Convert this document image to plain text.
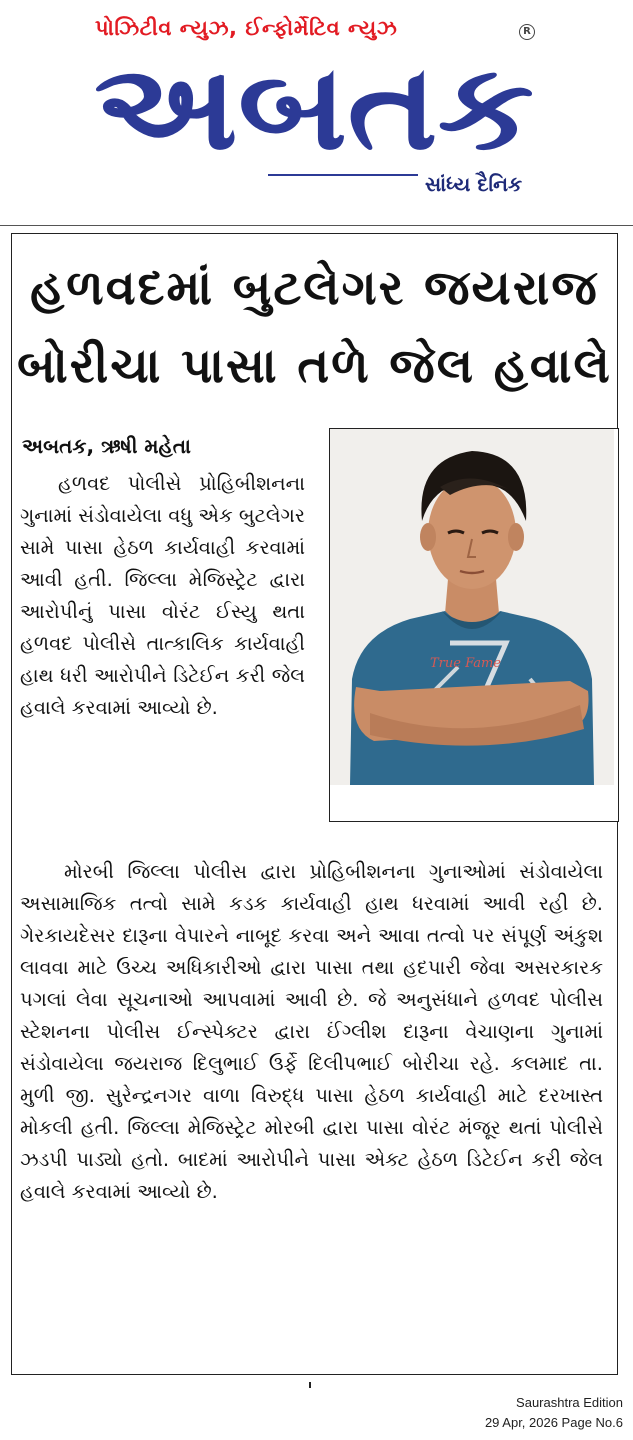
પોઝિટીવ ન્યુઝ, ઈન્ફોર્મેટિવ ન્યુઝ	R
અબતક
સાંધ્ય દૈનિક
હળવદમાં બુટલેગર જયરાજ
બોરીચા પાસા તળે જેલ હવાલે
અબતક, ઋષી મહેતા
હળવદ પોલીસે પ્રોહિબીશનના ગુનામાં સંડોવાયેલા વધુ એક બુટલેગર સામે પાસા હેઠળ કાર્યવાહી કરવામાં આવી હતી. જિલ્લા મેજિસ્ટ્રેટ દ્વારા આરોપીનું પાસા વોરંટ ઈસ્યુ થતા હળવદ પોલીસે તાત્કાલિક કાર્યવાહી હાથ ધરી આરોપીને ડિટેઈન કરી જેલ હવાલે કરવામાં આવ્યો છે.
True Fame
મોરબી જિલ્લા પોલીસ દ્વારા પ્રોહિબીશનના ગુનાઓમાં સંડોવાયેલા અસામાજિક તત્વો સામે કડક કાર્યવાહી હાથ ધરવામાં આવી રહી છે. ગેરકાયદેસર દારૂના વેપારને નાબૂદ કરવા અને આવા તત્વો પર સંપૂર્ણ અંકુશ લાવવા માટે ઉચ્ચ અધિકારીઓ દ્વારા પાસા તથા હદપારી જેવા અસરકારક પગલાં લેવા સૂચનાઓ આપવામાં આવી છે. જે અનુસંધાને હળવદ પોલીસ સ્ટેશનના પોલીસ ઈન્સ્પેક્ટર દ્વારા ઈંગ્લીશ દારૂના વેચાણના ગુનામાં સંડોવાયેલા જયરાજ દિલુભાઈ ઉર્ફે દિલીપભાઈ બોરીચા રહે. કલમાદ તા. મુળી જી. સુરેન્દ્રનગર વાળા વિરુદ્ધ પાસા હેઠળ કાર્યવાહી માટે દરખાસ્ત મોકલી હતી. જિલ્લા મેજિસ્ટ્રેટ મોરબી દ્વારા પાસા વોરંટ મંજૂર થતાં પોલીસે ઝડપી પાડ્યો હતો. બાદમાં આરોપીને પાસા એક્ટ હેઠળ ડિટેઈન કરી જેલ હવાલે કરવામાં આવ્યો છે.
Saurashtra Edition
29 Apr, 2026 Page No.6
